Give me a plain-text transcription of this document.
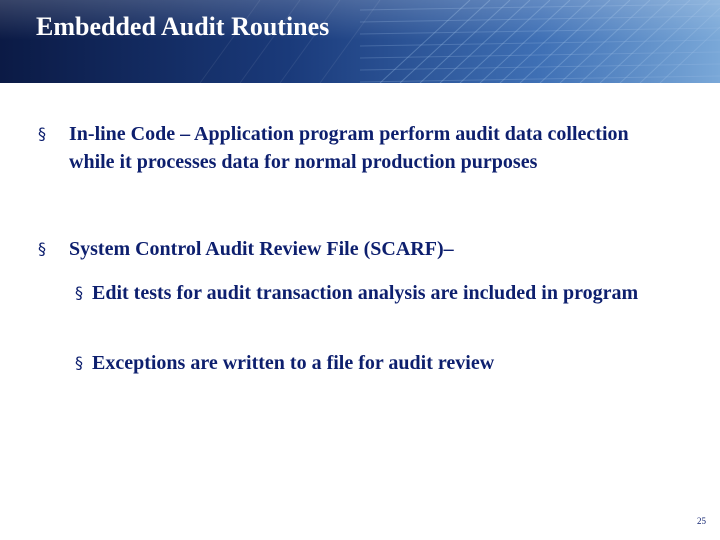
Embedded Audit Routines
§ In-line Code – Application program perform audit data collection while it processes data for normal production purposes
§ System Control Audit Review File (SCARF)–
§ Edit tests for audit transaction analysis are included in program
§ Exceptions are written to a file for audit review
25
